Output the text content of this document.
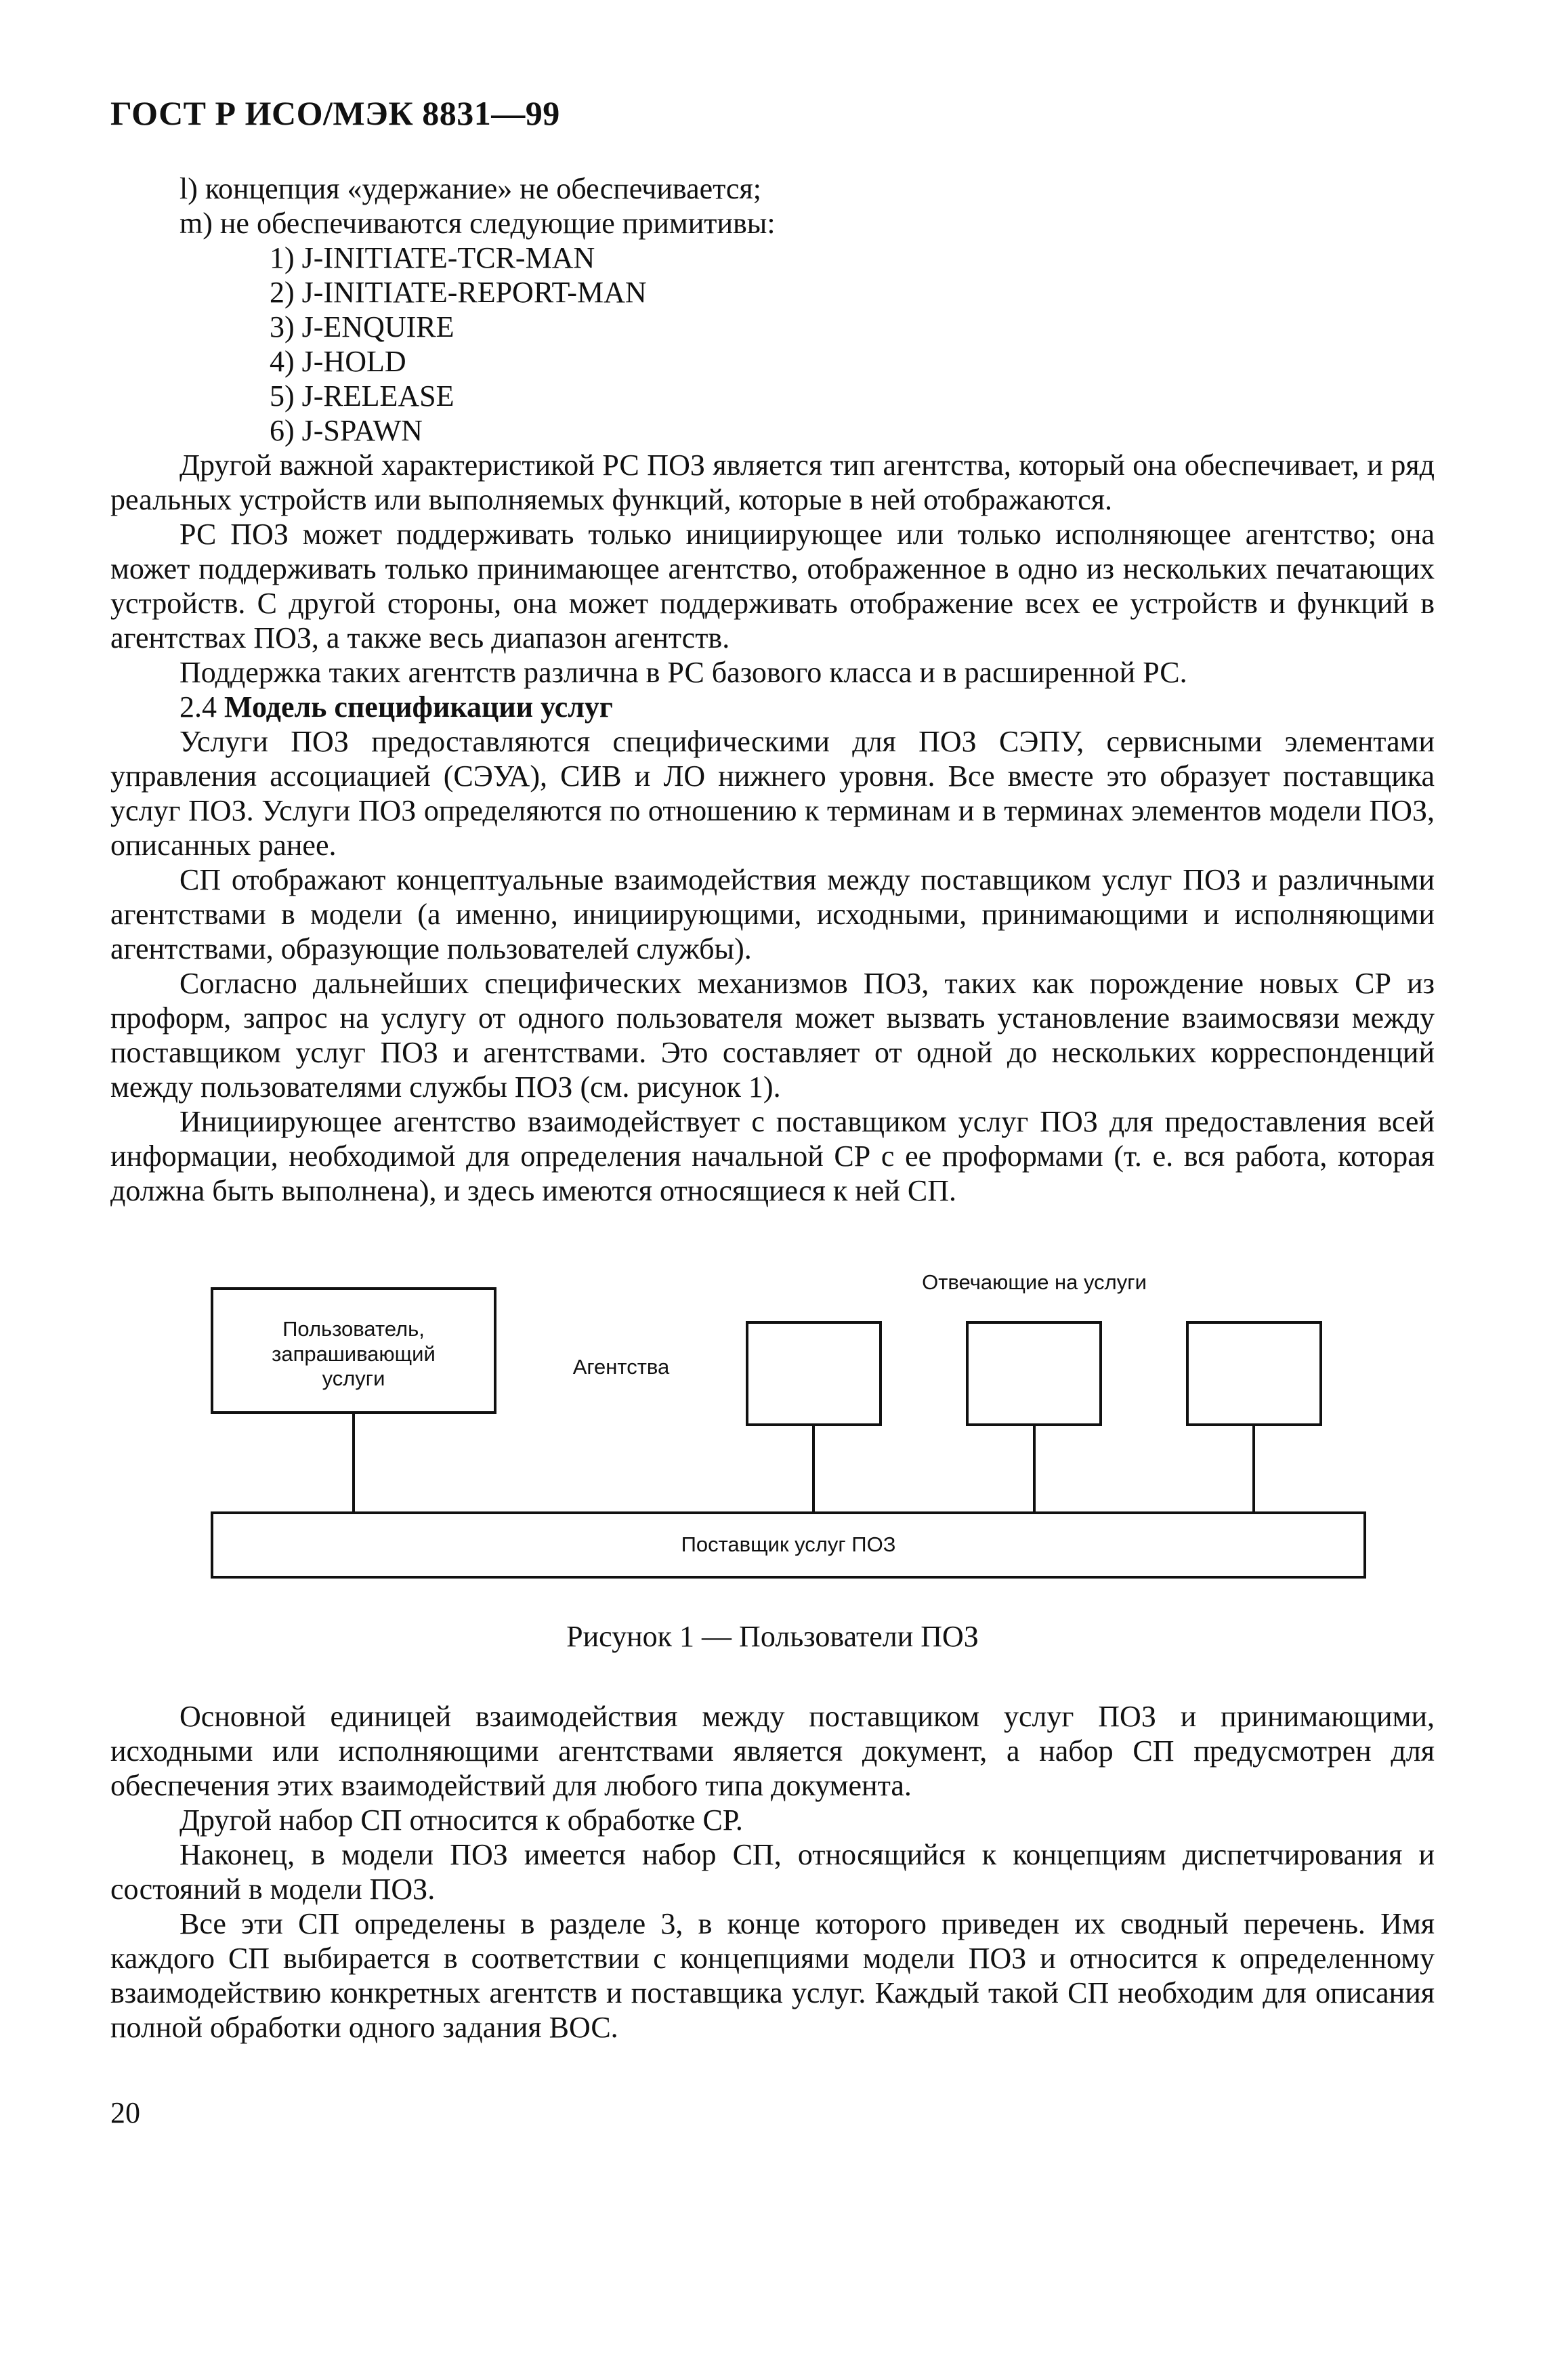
ГОСТ Р ИСО/МЭК 8831—99

l) концепция «удержание» не обеспечивается;

m) не обеспечиваются следующие примитивы:

1) J-INITIATE-TCR-MAN
2) J-INITIATE-REPORT-MAN
3) J-ENQUIRE
4) J-HOLD
5) J-RELEASE
6) J-SPAWN

Другой важной характеристикой РС ПОЗ является тип агентства, который она обеспечивает, и ряд реальных устройств или выполняемых функций, которые в ней отображаются.

РС ПОЗ может поддерживать только инициирующее или только исполняющее агентство; она может поддерживать только принимающее агентство, отображенное в одно из нескольких печатающих устройств. С другой стороны, она может поддерживать отображение всех ее устройств и функций в агентствах ПОЗ, а также весь диапазон агентств.

Поддержка таких агентств различна в РС базового класса и в расширенной РС.

2.4 Модель спецификации услуг

Услуги ПОЗ предоставляются специфическими для ПОЗ СЭПУ, сервисными элементами управления ассоциацией (СЭУА), СИВ и ЛО нижнего уровня. Все вместе это образует поставщика услуг ПОЗ. Услуги ПОЗ определяются по отношению к терминам и в терминах элементов модели ПОЗ, описанных ранее.

СП отображают концептуальные взаимодействия между поставщиком услуг ПОЗ и различными агентствами в модели (а именно, инициирующими, исходными, принимающими и исполняющими агентствами, образующие пользователей службы).

Согласно дальнейших специфических механизмов ПОЗ, таких как порождение новых СР из проформ, запрос на услугу от одного пользователя может вызвать установление взаимосвязи между поставщиком услуг ПОЗ и агентствами. Это составляет от одной до нескольких корреспонденций между пользователями службы ПОЗ (см. рисунок 1).

Инициирующее агентство взаимодействует с поставщиком услуг ПОЗ для предоставления всей информации, необходимой для определения начальной СР с ее проформами (т. е. вся работа, которая должна быть выполнена), и здесь имеются относящиеся к ней СП.

Пользователь,
запрашивающий
услуги	Агентства
Отвечающие на услуги
Поставщик услуг ПОЗ
Рисунок 1 — Пользователи ПОЗ

Основной единицей взаимодействия между поставщиком услуг ПОЗ и принимающими, исходными или исполняющими агентствами является документ, а набор СП предусмотрен для обеспечения этих взаимодействий для любого типа документа.

Другой набор СП относится к обработке СР.

Наконец, в модели ПОЗ имеется набор СП, относящийся к концепциям диспетчирования и состояний в модели ПОЗ.

Все эти СП определены в разделе 3, в конце которого приведен их сводный перечень. Имя каждого СП выбирается в соответствии с концепциями модели ПОЗ и относится к определенному взаимодействию конкретных агентств и поставщика услуг. Каждый такой СП необходим для описания полной обработки одного задания ВОС.

20
